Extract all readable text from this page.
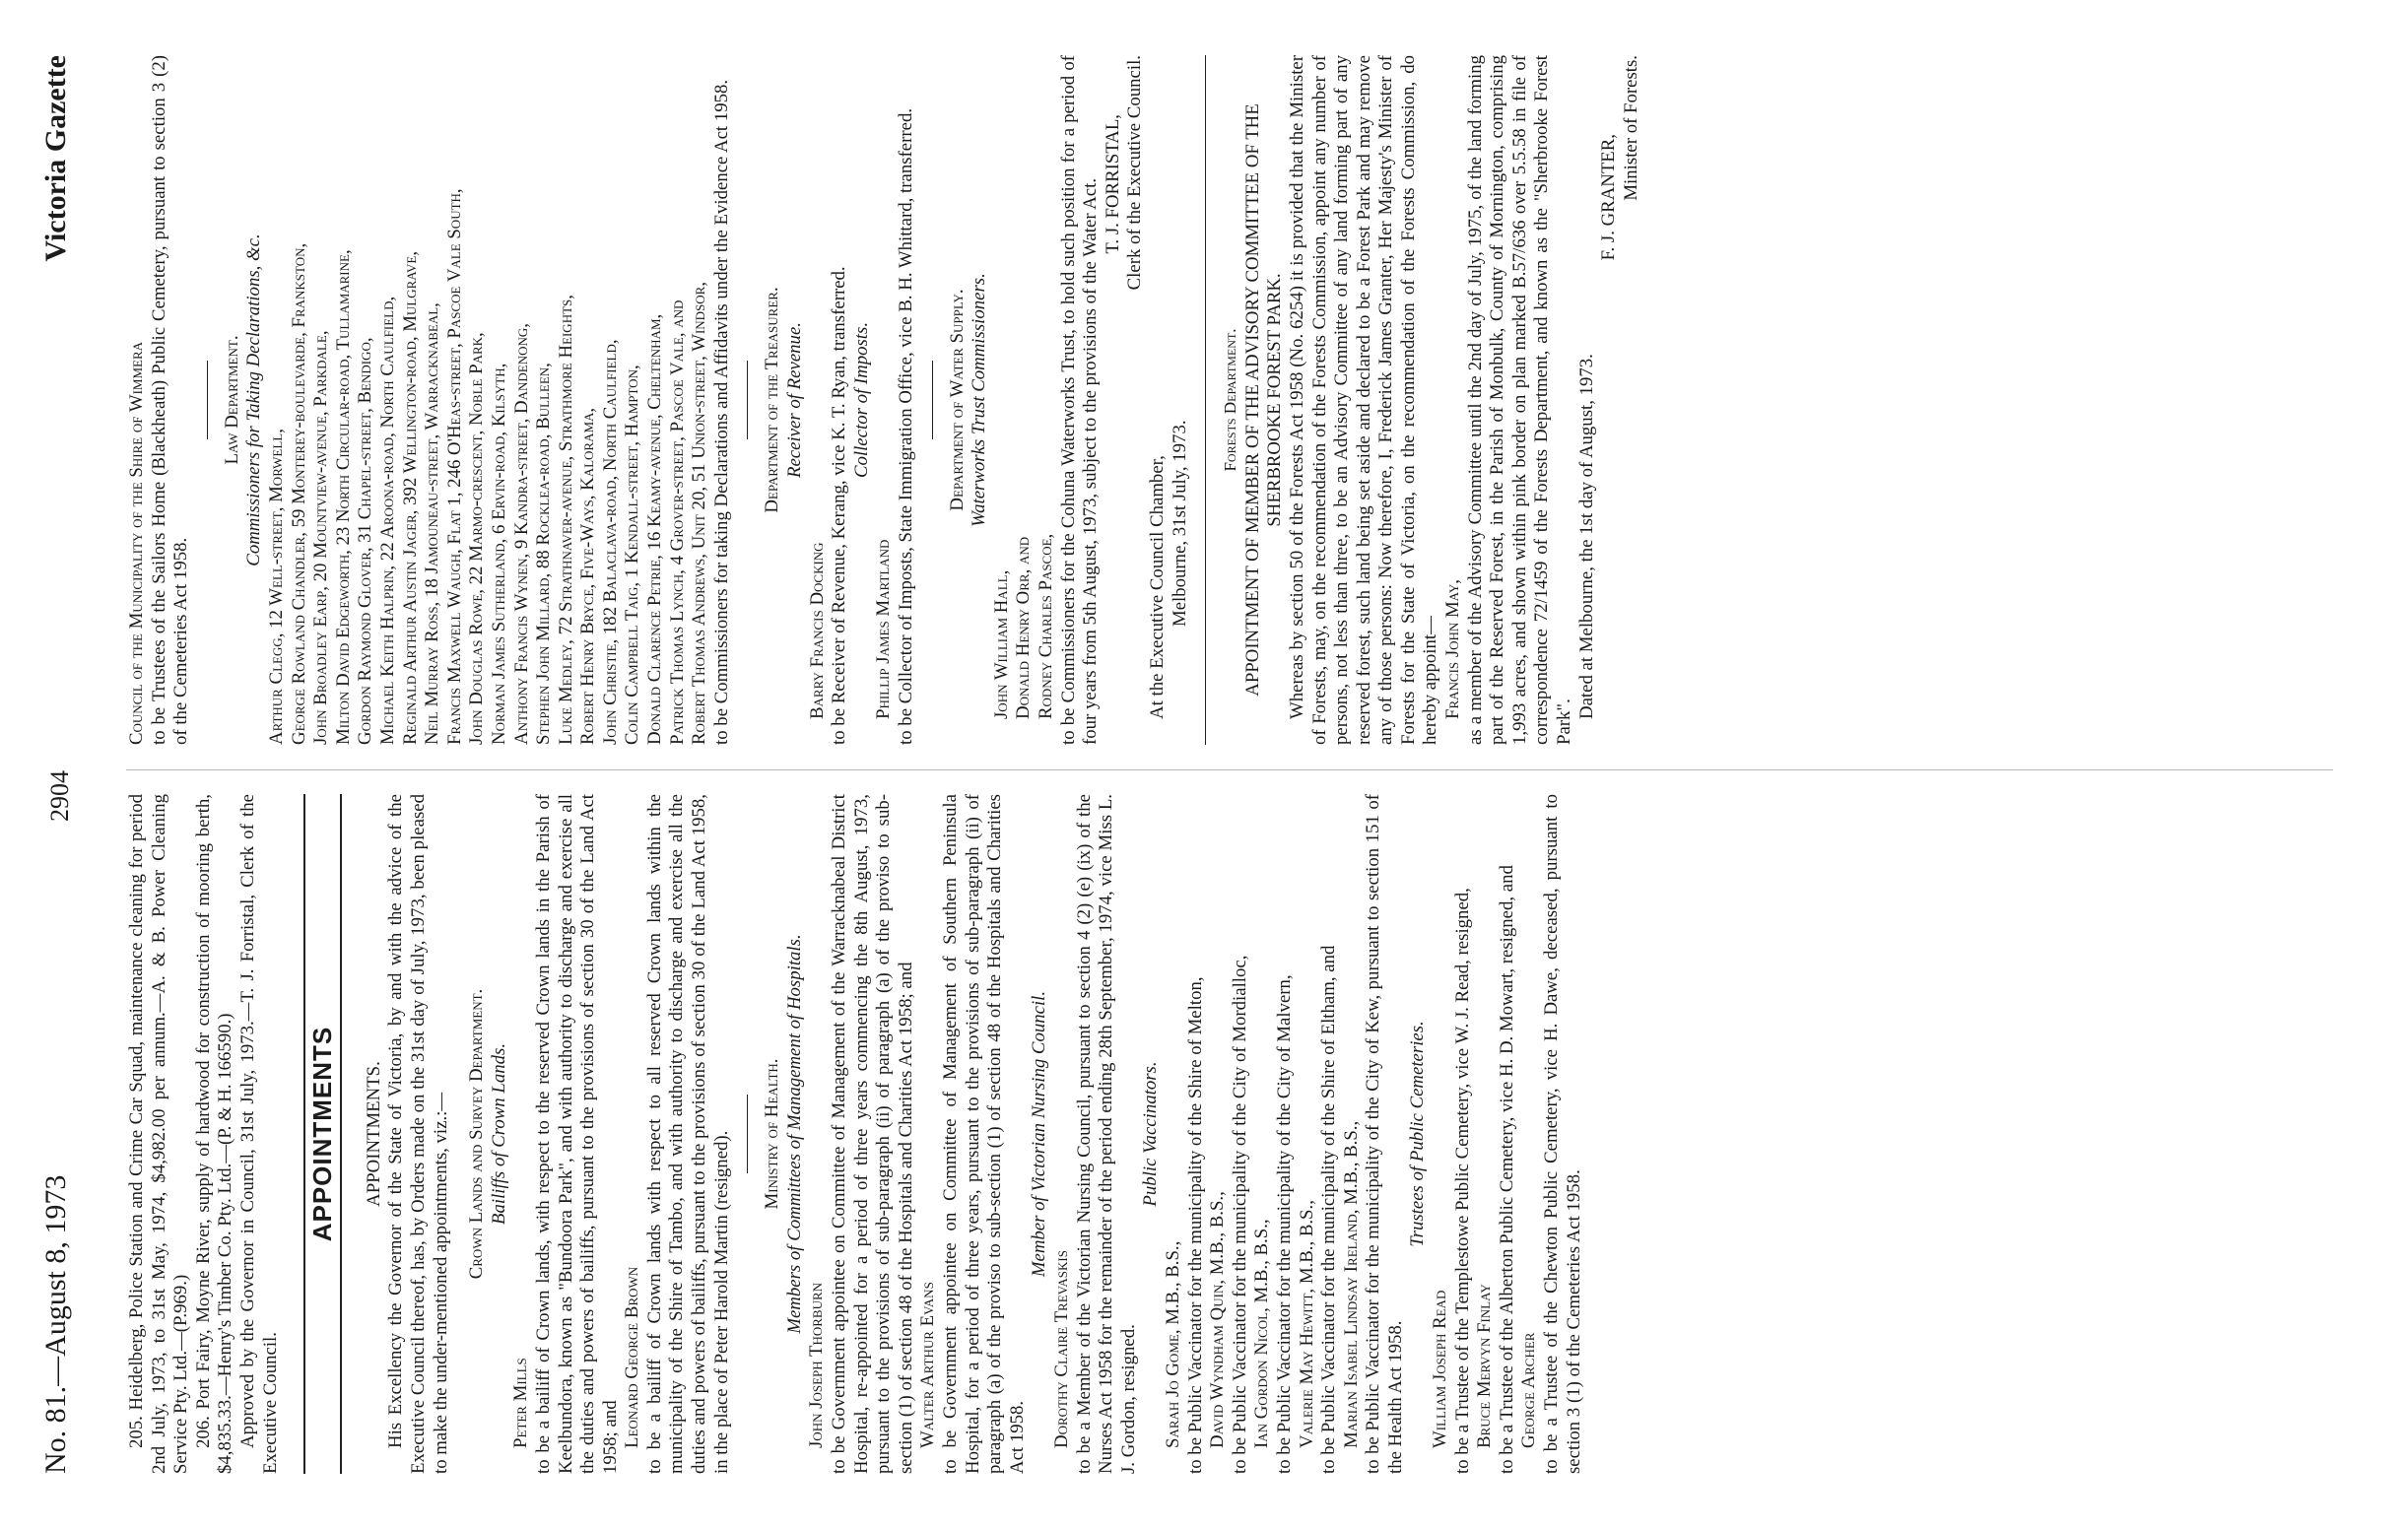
No. 81.—August 8, 1973
2904
Victoria Gazette

205. Heidelberg, Police Station and Crime Car Squad, maintenance cleaning for period 2nd July, 1973, to 31st May, 1974, $4,982.00 per annum.—A. & B. Power Cleaning Service Pty. Ltd.—(P.969.) 206. Port Fairy, Moyne River, supply of hardwood for construction of mooring berth, $4,835.33.—Henry's Timber Co. Pty. Ltd.—(P. & H. 166590.) Approved by the Governor in Council, 31st July, 1973.—T. J. Forristal, Clerk of the Executive Council.

APPOINTMENTS APPOINTMENTS. His Excellency the Governor of the State of Victoria, by and with the advice of the Executive Council thereof, has, by Orders made on the 31st day of July, 1973, been pleased to make the under-mentioned appointments, viz.:— Crown Lands and Survey Department. Bailiffs of Crown Lands.

Peter Mills to be a bailiff of Crown lands, with respect to the reserved Crown lands in the Parish of Keelbundora, known as "Bundoora Park", and with authority to discharge and exercise all the duties and powers of bailiffs, pursuant to the provisions of section 30 of the Land Act 1958; and Leonard George Brown to be a bailiff of Crown lands with respect to all reserved Crown lands within the municipality of the Shire of Tambo, and with authority to discharge and exercise all the duties and powers of bailiffs, pursuant to the provisions of section 30 of the Land Act 1958, in the place of Peter Harold Martin (resigned). Ministry of Health. Members of Committees of Management of Hospitals.

John Joseph Thorburn to be Government appointee on Committee of Management of the Warracknabeal District Hospital, re-appointed for a period of three years commencing the 8th August, 1973, pursuant to the provisions of sub-paragraph (ii) of paragraph (a) of the proviso to sub-section (1) of section 48 of the Hospitals and Charities Act 1958; and Walter Arthur Evans to be Government appointee on Committee of Management of Southern Peninsula Hospital, for a period of three years, pursuant to the provisions of sub-paragraph (ii) of paragraph (a) of the proviso to sub-section (1) of section 48 of the Hospitals and Charities Act 1958.

Member of Victorian Nursing Council.

Dorothy Claire Trevaskis to be a Member of the Victorian Nursing Council, pursuant to section 4 (2) (e) (ix) of the Nurses Act 1958 for the remainder of the period ending 28th September, 1974, vice Miss L. J. Gordon, resigned.

Public Vaccinators.

Sarah Jo Gome, M.B., B.S., to be Public Vaccinator for the municipality of the Shire of Melton, David Wyndham Quin, M.B., B.S., to be Public Vaccinator for the municipality of the City of Mordialloc, Ian Gordon Nicol, M.B., B.S., to be Public Vaccinator for the municipality of the City of Malvern, Valerie May Hewitt, M.B., B.S., to be Public Vaccinator for the municipality of the Shire of Eltham, and Marian Isabel Lindsay Ireland, M.B., B.S., to be Public Vaccinator for the municipality of the City of Kew, pursuant to section 151 of the Health Act 1958.

Trustees of Public Cemeteries.

William Joseph Read to be a Trustee of the Templestowe Public Cemetery, vice W. J. Read, resigned, Bruce Mervyn Finlay to be a Trustee of the Alberton Public Cemetery, vice H. D. Mowart, resigned, and George Archer to be a Trustee of the Chewton Public Cemetery, vice H. Dawe, deceased, pursuant to section 3 (1) of the Cemeteries Act 1958.

Council of the Municipality of the Shire of Wimmera to be Trustees of the Sailors Home (Blackheath) Public Cemetery, pursuant to section 3 (2) of the Cemeteries Act 1958.

Law Department. Commissioners for Taking Declarations, &c.

Arthur Clegg, 12 Well-street, Morwell, George Rowland Chandler, 59 Monterey-boulevarde, Frankston, John Broadley Earp, 20 Mountview-avenue, Parkdale, Milton David Edgeworth, 23 North Circular-road, Tullamarine, Gordon Raymond Glover, 31 Chapel-street, Bendigo, Michael Keith Halprin, 22 Aroona-road, North Caulfield, Reginald Arthur Austin Jager, 392 Wellington-road, Mulgrave, Neil Murray Ross, 18 Jamouneau-street, Warracknabeal, Francis Maxwell Waugh, Flat 1, 246 O'Heas-street, Pascoe Vale South, John Douglas Rowe, 22 Marmo-crescent, Noble Park, Norman James Sutherland, 6 Ervin-road, Kilsyth, Anthony Francis Wynen, 9 Kandra-street, Dandenong, Stephen John Millard, 88 Rocklea-road, Bulleen, Luke Medley, 72 Strathnaver-avenue, Strathmore Heights, Robert Henry Bryce, Five-Ways, Kalorama, John Christie, 182 Balaclava-road, North Caulfield, Colin Campbell Taig, 1 Kendall-street, Hampton, Donald Clarence Petrie, 16 Keamy-avenue, Cheltenham, Patrick Thomas Lynch, 4 Grover-street, Pascoe Vale, and Robert Thomas Andrews, Unit 20, 51 Union-street, Windsor, to be Commissioners for taking Declarations and Affidavits under the Evidence Act 1958. Department of the Treasurer. Receiver of Revenue.

Barry Francis Docking to be Receiver of Revenue, Kerang, vice K. T. Ryan, transferred. Collector of Imposts.

Phillip James Martland to be Collector of Imposts, State Immigration Office, vice B. H. Whittard, transferred. Department of Water Supply. Waterworks Trust Commissioners.

John William Hall, Donald Henry Orr, and Rodney Charles Pascoe, to be Commissioners for the Cohuna Waterworks Trust, to hold such position for a period of four years from 5th August, 1973, subject to the provisions of the Water Act. T. J. FORRISTAL, Clerk of the Executive Council.

At the Executive Council Chamber, Melbourne, 31st July, 1973.

Forests Department. APPOINTMENT OF MEMBER OF THE ADVISORY COMMITTEE OF THE SHERBROOKE FOREST PARK. Whereas by section 50 of the Forests Act 1958 (No. 6254) it is provided that the Minister of Forests, may, on the recommendation of the Forests Commission, appoint any number of persons, not less than three, to be an Advisory Committee of any land forming part of any reserved forest, such land being set aside and declared to be a Forest Park and may remove any of those persons: Now therefore, I, Frederick James Granter, Her Majesty's Minister of Forests for the State of Victoria, on the recommendation of the Forests Commission, do hereby appoint— Francis John May, as a member of the Advisory Committee until the 2nd day of July, 1975, of the land forming part of the Reserved Forest, in the Parish of Monbulk, County of Mornington, comprising 1,993 acres, and shown within pink border on plan marked B.57/636 over 5.5.58 in file of correspondence 72/1459 of the Forests Department, and known as the "Sherbrooke Forest Park".

Dated at Melbourne, the 1st day of August, 1973.

F. J. GRANTER, Minister of Forests.
